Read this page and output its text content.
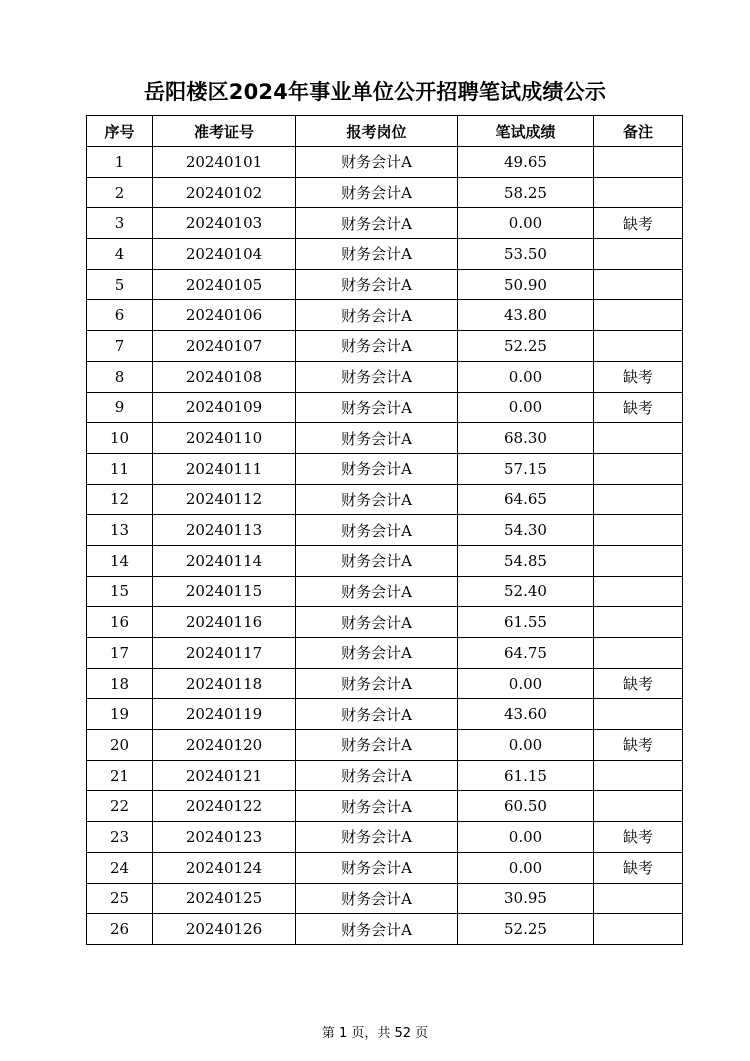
岳阳楼区2024年事业单位公开招聘笔试成绩公示
序号	准考证号	报考岗位	笔试成绩	备注
1	20240101	财务会计A	49.65	
2	20240102	财务会计A	58.25	
3	20240103	财务会计A	0.00	缺考
4	20240104	财务会计A	53.50	
5	20240105	财务会计A	50.90	
6	20240106	财务会计A	43.80	
7	20240107	财务会计A	52.25	
8	20240108	财务会计A	0.00	缺考
9	20240109	财务会计A	0.00	缺考
10	20240110	财务会计A	68.30	
11	20240111	财务会计A	57.15	
12	20240112	财务会计A	64.65	
13	20240113	财务会计A	54.30	
14	20240114	财务会计A	54.85	
15	20240115	财务会计A	52.40	
16	20240116	财务会计A	61.55	
17	20240117	财务会计A	64.75	
18	20240118	财务会计A	0.00	缺考
19	20240119	财务会计A	43.60	
20	20240120	财务会计A	0.00	缺考
21	20240121	财务会计A	61.15	
22	20240122	财务会计A	60.50	
23	20240123	财务会计A	0.00	缺考
24	20240124	财务会计A	0.00	缺考
25	20240125	财务会计A	30.95	
26	20240126	财务会计A	52.25	
第 1 页，共 52 页
